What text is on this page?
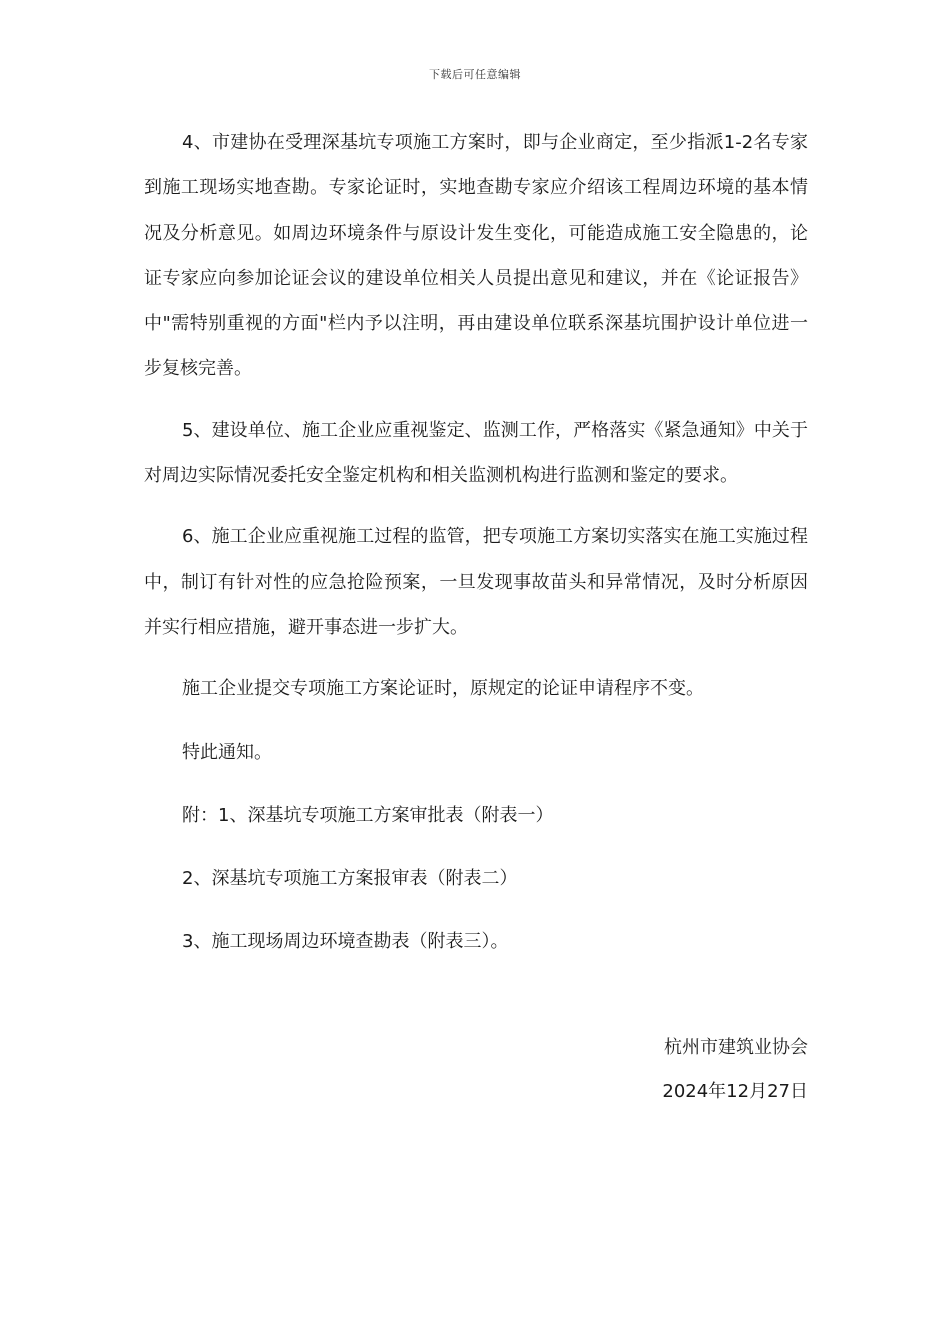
下载后可任意编辑

4、市建协在受理深基坑专项施工方案时，即与企业商定，至少指派1-2名专家到施工现场实地查勘。专家论证时，实地查勘专家应介绍该工程周边环境的基本情况及分析意见。如周边环境条件与原设计发生变化，可能造成施工安全隐患的，论证专家应向参加论证会议的建设单位相关人员提出意见和建议，并在《论证报告》中"需特别重视的方面"栏内予以注明，再由建设单位联系深基坑围护设计单位进一步复核完善。

5、建设单位、施工企业应重视鉴定、监测工作，严格落实《紧急通知》中关于对周边实际情况委托安全鉴定机构和相关监测机构进行监测和鉴定的要求。

6、施工企业应重视施工过程的监管，把专项施工方案切实落实在施工实施过程中，制订有针对性的应急抢险预案，一旦发现事故苗头和异常情况，及时分析原因并实行相应措施，避开事态进一步扩大。

施工企业提交专项施工方案论证时，原规定的论证申请程序不变。

特此通知。

附：1、深基坑专项施工方案审批表（附表一）

2、深基坑专项施工方案报审表（附表二）

3、施工现场周边环境查勘表（附表三）。

杭州市建筑业协会
2024年12月27日
